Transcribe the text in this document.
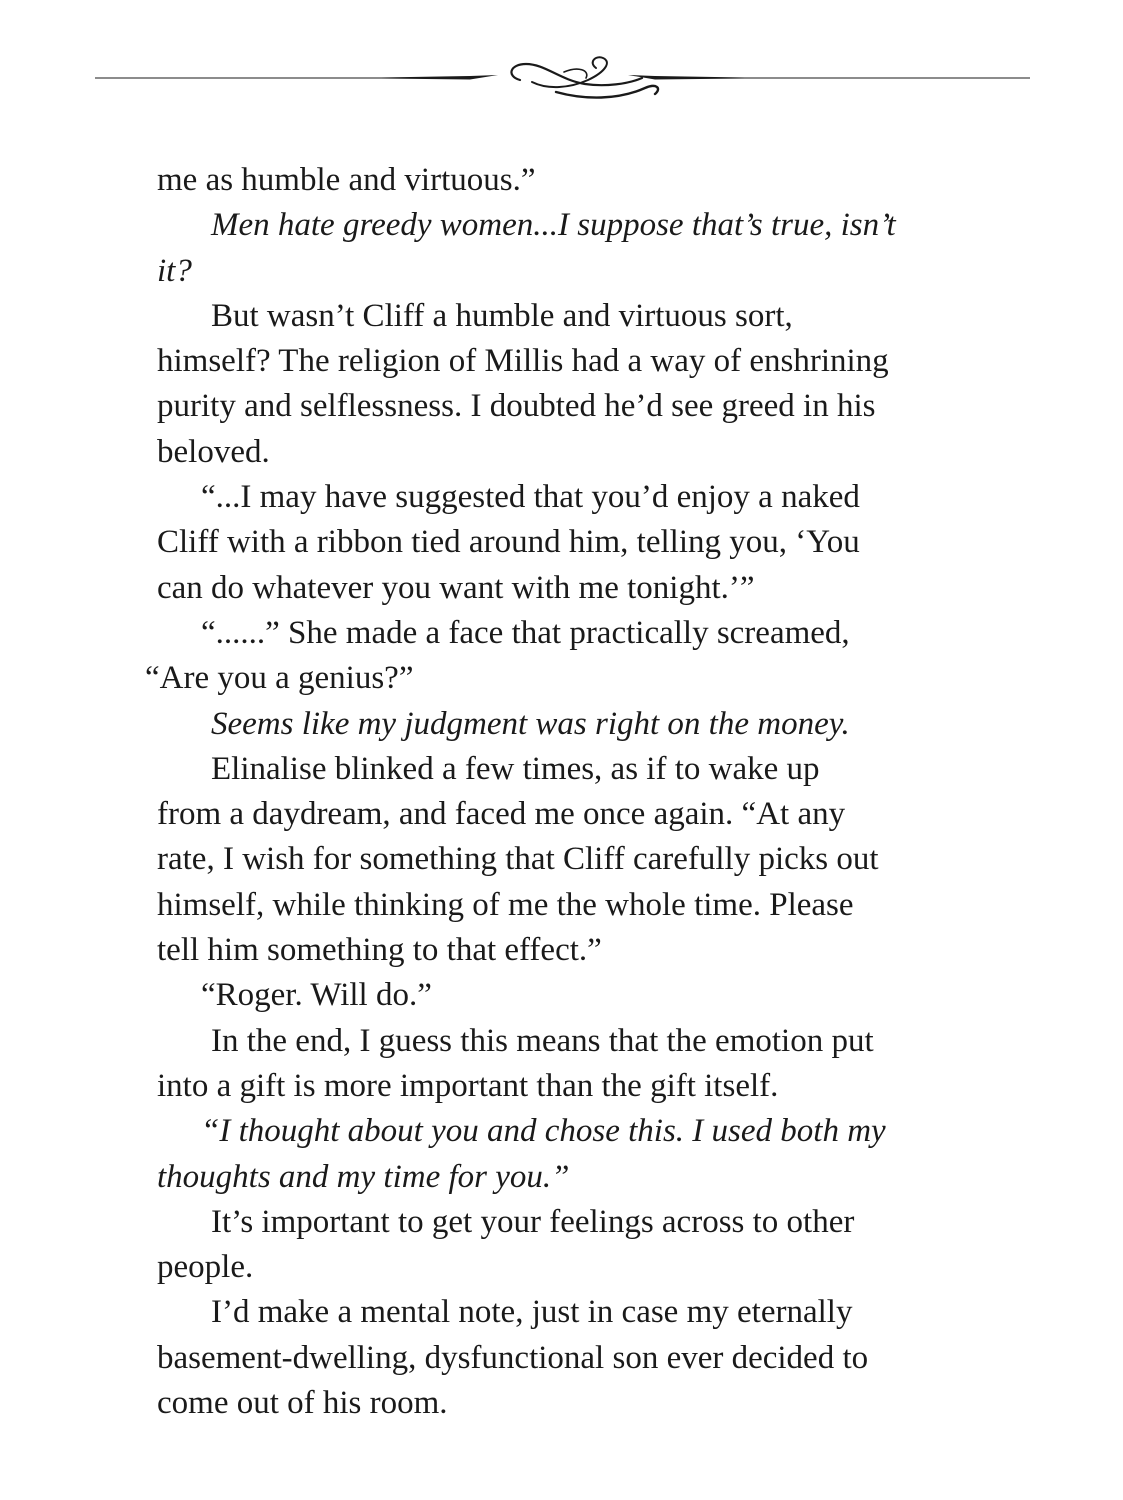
me as humble and virtuous.”
Men hate greedy women...I suppose that’s true, isn’t
it?
But wasn’t Cliff a humble and virtuous sort,
himself? The religion of Millis had a way of enshrining
purity and selflessness. I doubted he’d see greed in his
beloved.
“...I may have suggested that you’d enjoy a naked
Cliff with a ribbon tied around him, telling you, ‘You
can do whatever you want with me tonight.’”
“......” She made a face that practically screamed,
“Are you a genius?”
Seems like my judgment was right on the money.
Elinalise blinked a few times, as if to wake up
from a daydream, and faced me once again. “At any
rate, I wish for something that Cliff carefully picks out
himself, while thinking of me the whole time. Please
tell him something to that effect.”
“Roger. Will do.”
In the end, I guess this means that the emotion put
into a gift is more important than the gift itself.
“I thought about you and chose this. I used both my
thoughts and my time for you.”
It’s important to get your feelings across to other
people.
I’d make a mental note, just in case my eternally
basement-dwelling, dysfunctional son ever decided to
come out of his room.
